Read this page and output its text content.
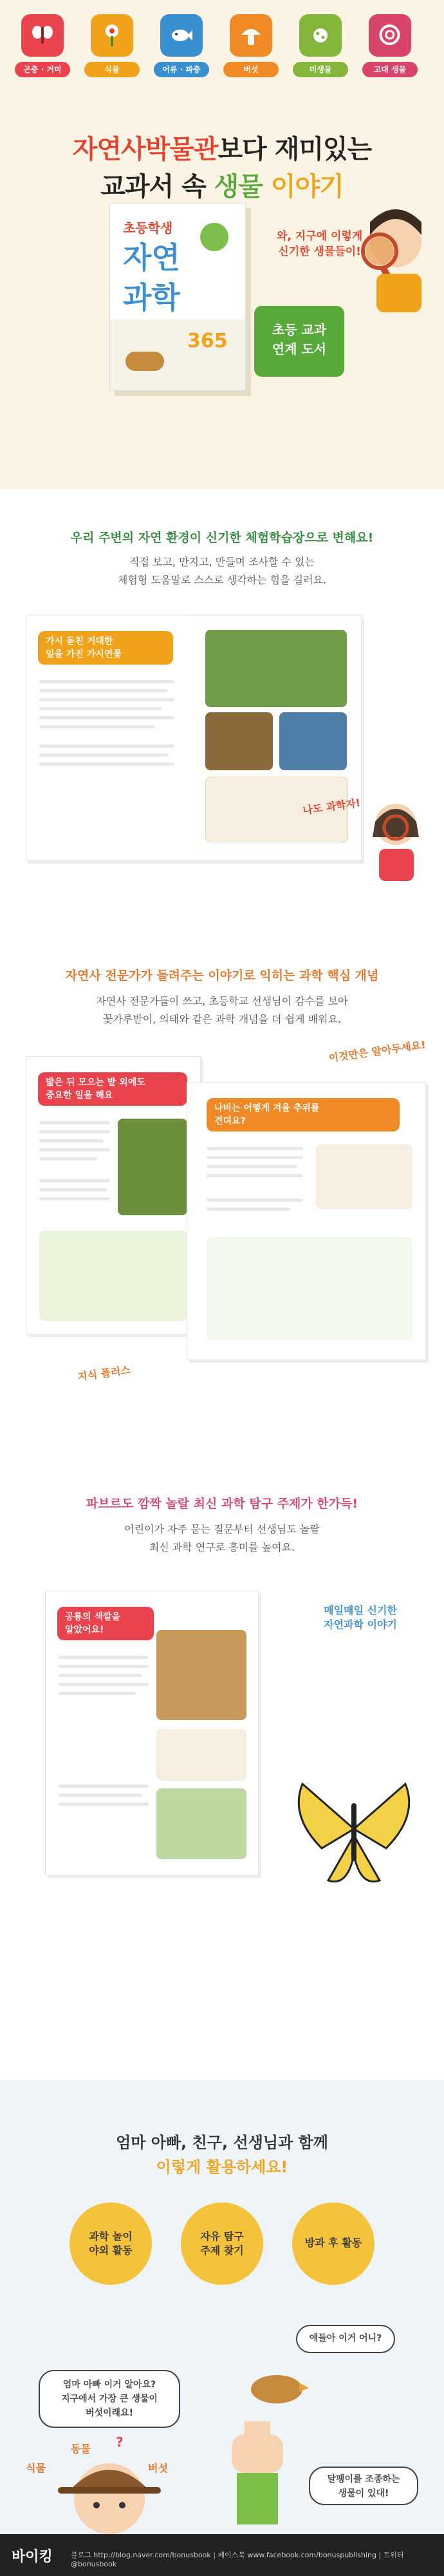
곤충 · 거미	식물	어류 · 파충	버섯	미생물	고대 생물
자연사박물관보다 재미있는
교과서 속 생물 이야기
초등학생
자연
과학
365
와, 지구에 이렇게
신기한 생물들이!
초등 교과
연계 도서
우리 주변의 자연 환경이 신기한 체험학습장으로 변해요!
직접 보고, 만지고, 만들며 조사할 수 있는
체험형 도움말로 스스로 생각하는 힘을 길러요.
가시 돋친 거대한
잎을 가진 가시연꽃
나도 과학자!
자연사 전문가가 들려주는 이야기로 익히는 과학 핵심 개념
자연사 전문가들이 쓰고, 초등학교 선생님이 감수를 보아
꽃가루받이, 의태와 같은 과학 개념을 더 쉽게 배워요.
밟은 뒤 모으는 밭 외에도
중요한 일을 해요
나비는 어떻게 겨울 추위를
견뎌요?
이것만은 알아두세요!
지식 플러스
파브르도 깜짝 놀랄 최신 과학 탐구 주제가 한가득!
어린이가 자주 묻는 질문부터 선생님도 놀랄
최신 과학 연구로 흥미를 높여요.
공룡의 색깔을
알았어요!
매일매일 신기한
자연과학 이야기
엄마 아빠, 친구, 선생님과 함께
이렇게 활용하세요!
과학 놀이
야외 활동
자유 탐구
주제 찾기
방과 후 활동
얘들아 이거 어니?
엄마 아빠 이거 알아요?
지구에서 가장 큰 생물이
버섯이래요!
달팽이를 조종하는
생물이 있대!
식물
동물 ?
버섯
바이킹	블로그 http://blog.naver.com/bonusbook | 페이스북 www.facebook.com/bonuspublishing | 트위터 @bonusbook
